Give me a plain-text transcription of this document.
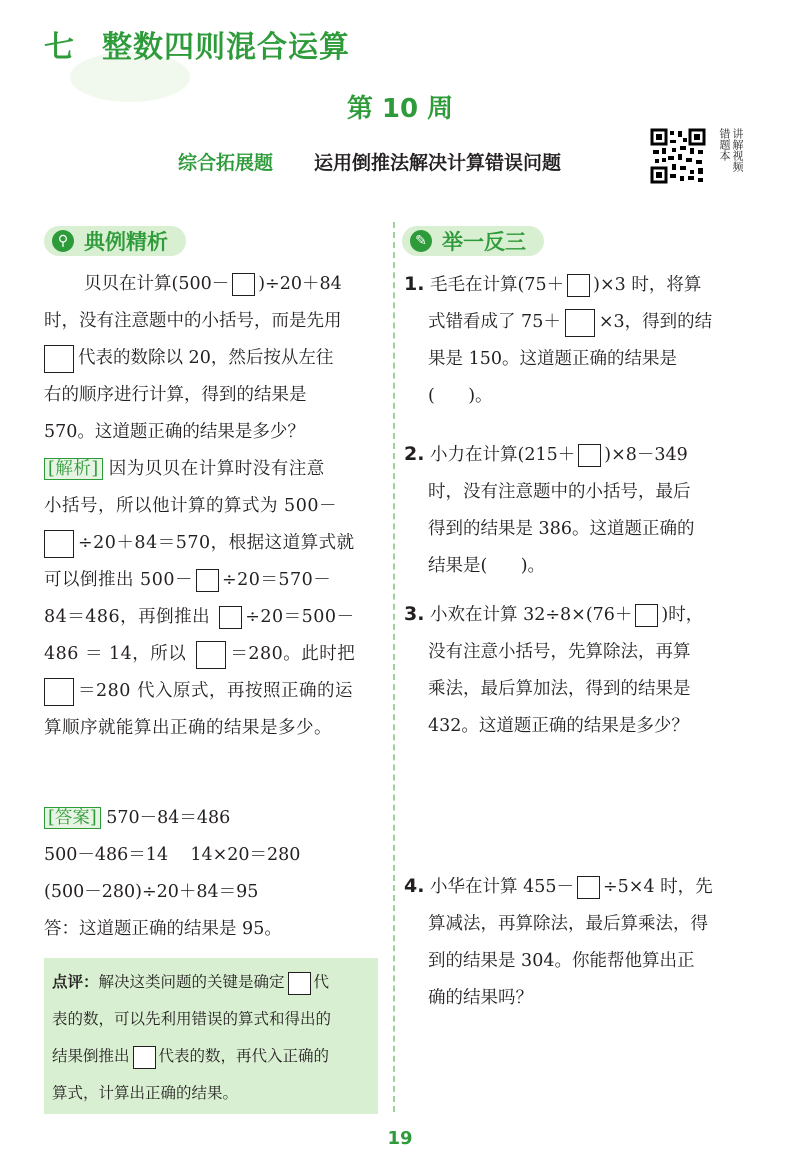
七 整数四则混合运算
第 10 周
综合拓展题 运用倒推法解决计算错误问题	讲解视频 错题本
⚲ 典例精析
贝贝在计算(500－ )÷20＋84
时，没有注意题中的小括号，而是先用
代表的数除以 20，然后按从左往
右的顺序进行计算，得到的结果是
570。这道题正确的结果是多少？
[解析] 因为贝贝在计算时没有注意
小括号，所以他计算的算式为 500－
÷20＋84＝570，根据这道算式就
可以倒推出 500－ ÷20＝570－
84＝486，再倒推出 ÷20＝500－
486 ＝ 14，所以 ＝280。此时把
＝280 代入原式，再按照正确的运
算顺序就能算出正确的结果是多少。
[答案] 570－84＝486
500－486＝14    14×20＝280
(500－280)÷20＋84＝95
答：这道题正确的结果是 95。
点评：解决这类问题的关键是确定 代
表的数，可以先利用错误的算式和得出的
结果倒推出 代表的数，再代入正确的
算式，计算出正确的结果。
✎ 举一反三
1. 毛毛在计算(75＋ )×3 时，将算
式错看成了 75＋ ×3，得到的结
果是 150。这道题正确的结果是
(      )。
2. 小力在计算(215＋ )×8－349
时，没有注意题中的小括号，最后
得到的结果是 386。这道题正确的
结果是(      )。
3. 小欢在计算 32÷8×(76＋ )时，
没有注意小括号，先算除法，再算
乘法，最后算加法，得到的结果是
432。这道题正确的结果是多少？
4. 小华在计算 455－ ÷5×4 时，先
算减法，再算除法，最后算乘法，得
到的结果是 304。你能帮他算出正
确的结果吗？
19
